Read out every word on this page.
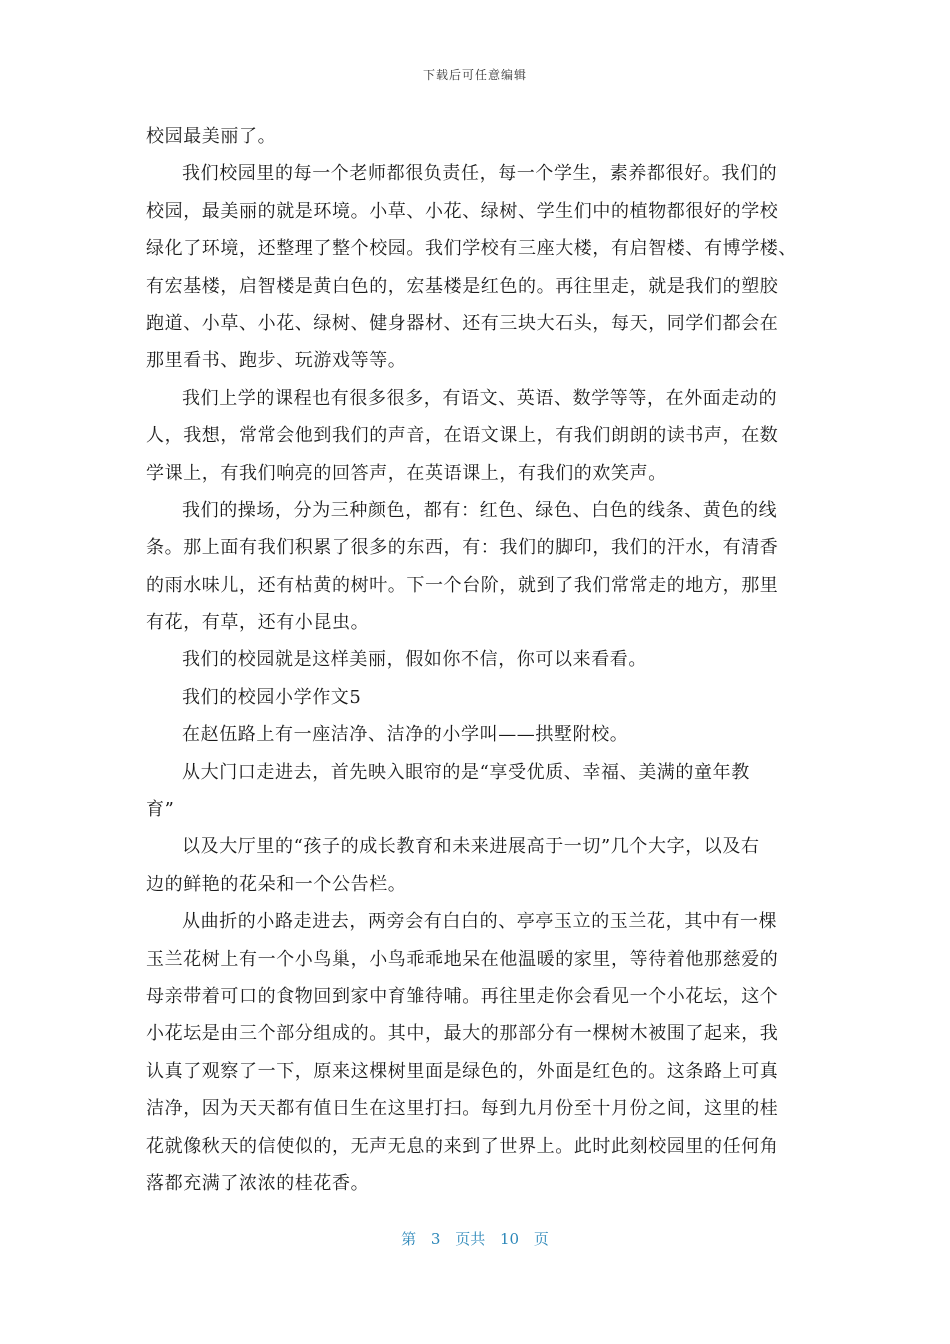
下载后可任意编辑
校园最美丽了。
我们校园里的每一个老师都很负责任，每一个学生，素养都很好。我们的
校园，最美丽的就是环境。小草、小花、绿树、学生们中的植物都很好的学校
绿化了环境，还整理了整个校园。我们学校有三座大楼，有启智楼、有博学楼、
有宏基楼，启智楼是黄白色的，宏基楼是红色的。再往里走，就是我们的塑胶
跑道、小草、小花、绿树、健身器材、还有三块大石头，每天，同学们都会在
那里看书、跑步、玩游戏等等。
我们上学的课程也有很多很多，有语文、英语、数学等等，在外面走动的
人，我想，常常会他到我们的声音，在语文课上，有我们朗朗的读书声，在数
学课上，有我们响亮的回答声，在英语课上，有我们的欢笑声。
我们的操场，分为三种颜色，都有：红色、绿色、白色的线条、黄色的线
条。那上面有我们积累了很多的东西，有：我们的脚印，我们的汗水，有清香
的雨水味儿，还有枯黄的树叶。下一个台阶，就到了我们常常走的地方，那里
有花，有草，还有小昆虫。
我们的校园就是这样美丽，假如你不信，你可以来看看。
我们的校园小学作文5
在赵伍路上有一座洁净、洁净的小学叫——拱墅附校。
从大门口走进去，首先映入眼帘的是“享受优质、幸福、美满的童年教
育”
以及大厅里的“孩子的成长教育和未来进展高于一切”几个大字，以及右
边的鲜艳的花朵和一个公告栏。
从曲折的小路走进去，两旁会有白白的、亭亭玉立的玉兰花，其中有一棵
玉兰花树上有一个小鸟巢，小鸟乖乖地呆在他温暖的家里，等待着他那慈爱的
母亲带着可口的食物回到家中育雏待哺。再往里走你会看见一个小花坛，这个
小花坛是由三个部分组成的。其中，最大的那部分有一棵树木被围了起来，我
认真了观察了一下，原来这棵树里面是绿色的，外面是红色的。这条路上可真
洁净，因为天天都有值日生在这里打扫。每到九月份至十月份之间，这里的桂
花就像秋天的信使似的，无声无息的来到了世界上。此时此刻校园里的任何角
落都充满了浓浓的桂花香。
第 3 页共 10 页
